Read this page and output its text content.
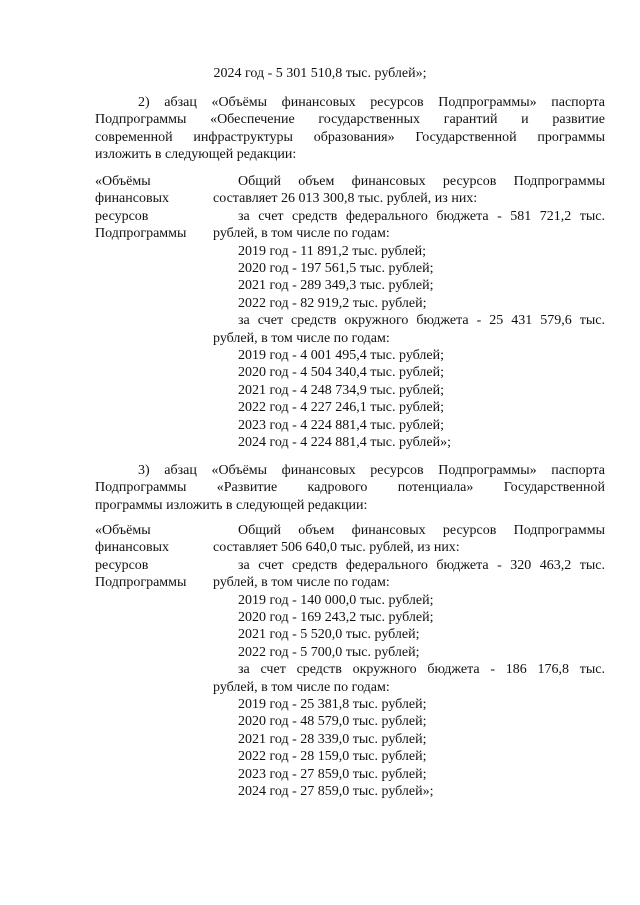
2024 год - 5 301 510,8 тыс. рублей»;
2) абзац «Объёмы финансовых ресурсов Подпрограммы» паспорта
Подпрограммы «Обеспечение государственных гарантий и развитие
современной инфраструктуры образования» Государственной программы
изложить в следующей редакции:
«Объёмы
финансовых
ресурсов
Подпрограммы
Общий объем финансовых ресурсов Подпрограммы
составляет 26 013 300,8 тыс. рублей, из них:
за счет средств федерального бюджета - 581 721,2 тыс.
рублей, в том числе по годам:
2019 год - 11 891,2 тыс. рублей;
2020 год - 197 561,5 тыс. рублей;
2021 год - 289 349,3 тыс. рублей;
2022 год - 82 919,2 тыс. рублей;
за счет средств окружного бюджета - 25 431 579,6 тыс.
рублей, в том числе по годам:
2019 год - 4 001 495,4 тыс. рублей;
2020 год - 4 504 340,4 тыс. рублей;
2021 год - 4 248 734,9 тыс. рублей;
2022 год - 4 227 246,1 тыс. рублей;
2023 год - 4 224 881,4 тыс. рублей;
2024 год - 4 224 881,4 тыс. рублей»;
3) абзац «Объёмы финансовых ресурсов Подпрограммы» паспорта
Подпрограммы «Развитие кадрового потенциала» Государственной
программы изложить в следующей редакции:
«Объёмы
финансовых
ресурсов
Подпрограммы
Общий объем финансовых ресурсов Подпрограммы
составляет 506 640,0 тыс. рублей, из них:
за счет средств федерального бюджета - 320 463,2 тыс.
рублей, в том числе по годам:
2019 год - 140 000,0 тыс. рублей;
2020 год - 169 243,2 тыс. рублей;
2021 год - 5 520,0 тыс. рублей;
2022 год - 5 700,0 тыс. рублей;
за счет средств окружного бюджета - 186 176,8 тыс.
рублей, в том числе по годам:
2019 год - 25 381,8 тыс. рублей;
2020 год - 48 579,0 тыс. рублей;
2021 год - 28 339,0 тыс. рублей;
2022 год - 28 159,0 тыс. рублей;
2023 год - 27 859,0 тыс. рублей;
2024 год - 27 859,0 тыс. рублей»;
